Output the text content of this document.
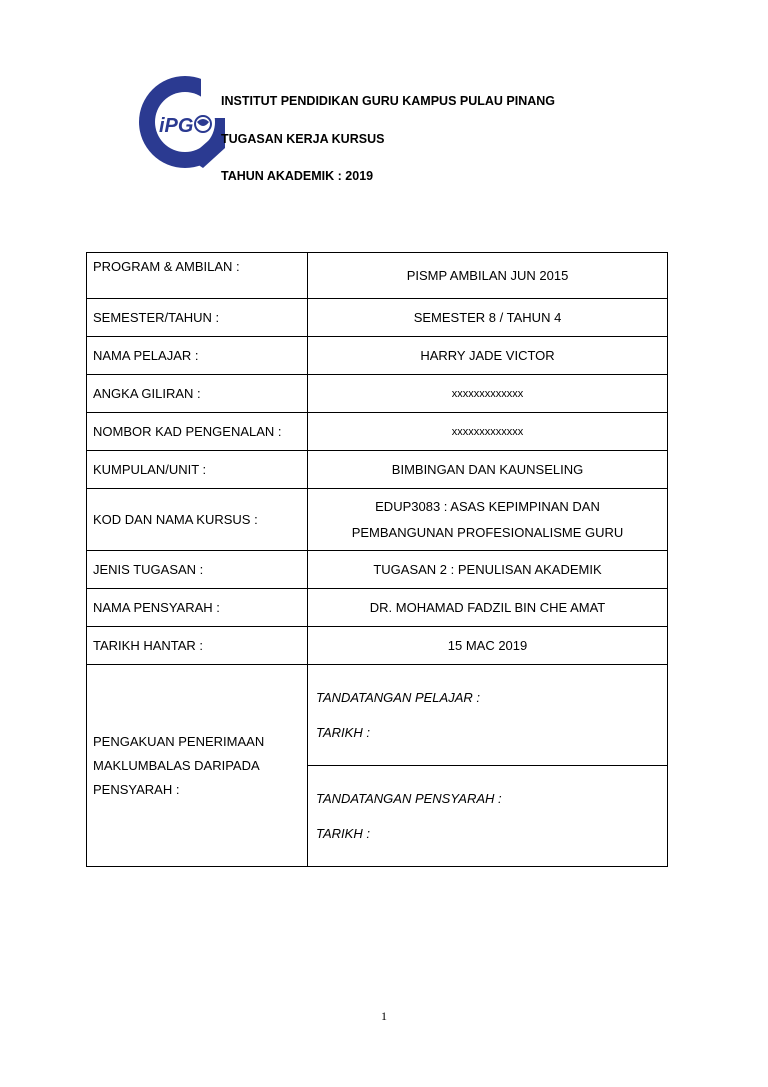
iPG
INSTITUT PENDIDIKAN GURU KAMPUS PULAU PINANG
TUGASAN KERJA KURSUS
TAHUN AKADEMIK : 2019
PROGRAM & AMBILAN :	PISMP AMBILAN JUN 2015
SEMESTER/TAHUN :	SEMESTER 8 / TAHUN 4
NAMA PELAJAR :	HARRY JADE VICTOR
ANGKA GILIRAN :	xxxxxxxxxxxxx
NOMBOR KAD PENGENALAN :	xxxxxxxxxxxxx
KUMPULAN/UNIT :	BIMBINGAN DAN KAUNSELING
KOD DAN NAMA KURSUS :	EDUP3083 : ASAS KEPIMPINAN DAN
PEMBANGUNAN PROFESIONALISME GURU

JENIS TUGASAN :	TUGASAN 2 : PENULISAN AKADEMIK
NAMA PENSYARAH :	DR. MOHAMAD FADZIL BIN CHE AMAT
TARIKH HANTAR :	15 MAC 2019

PENGAKUAN PENERIMAAN
MAKLUMBALAS DARIPADA
PENSYARAH :	TANDATANGAN PELAJAR :
TARIKH :

	TANDATANGAN PENSYARAH :
TARIKH :
1
